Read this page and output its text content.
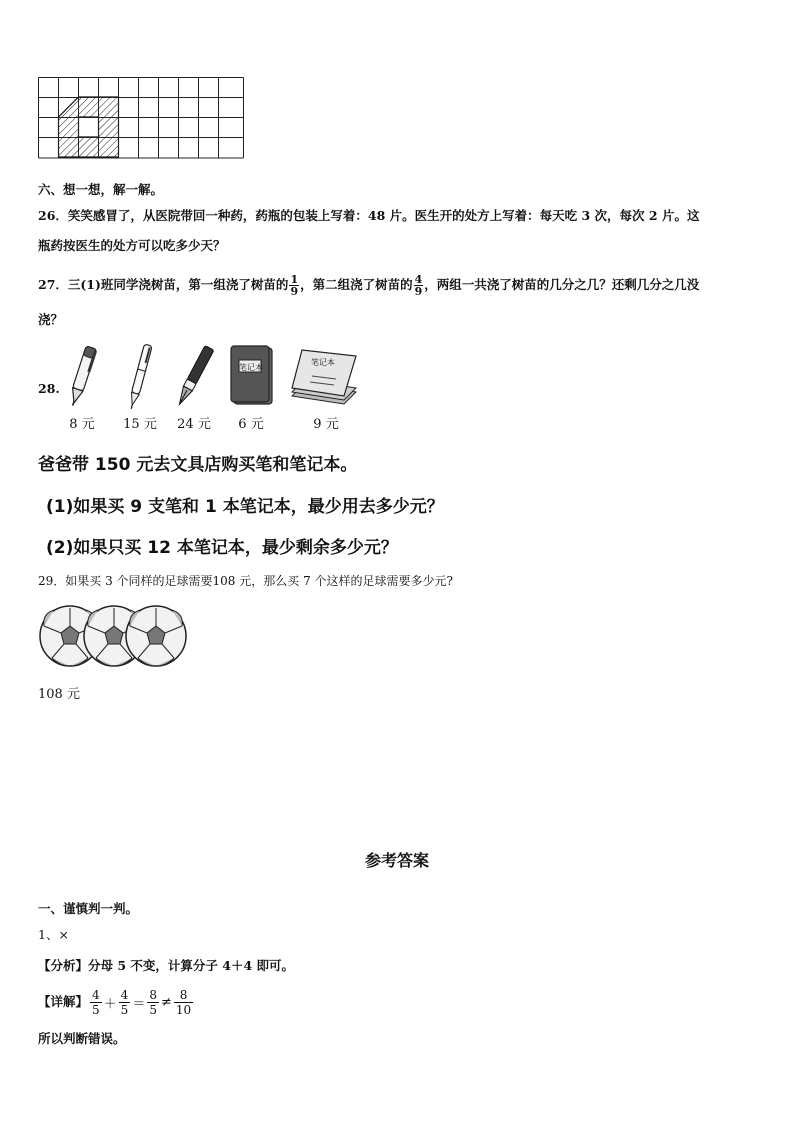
六、想一想，解一解。
26．笑笑感冒了，从医院带回一种药，药瓶的包装上写着：48 片。医生开的处方上写着：每天吃 3 次，每次 2 片。这
瓶药按医生的处方可以吃多少天？
27．三(1)班同学浇树苗，第一组浇了树苗的 $\frac{1}{9}$ ，第二组浇了树苗的 $\frac{4}{9}$ ，两组一共浇了树苗的几分之几？还剩几分之几没
浇？
28.
笔记本
笔记本
8 元	15 元	24 元	6 元	9 元
爸爸带 150 元去文具店购买笔和笔记本。
(1)如果买 9 支笔和 1 本笔记本，最少用去多少元？
(2)如果只买 12 本笔记本，最少剩余多少元？
29．如果买 3 个同样的足球需要108 元，那么买 7 个这样的足球需要多少元?
108 元
参考答案
一、谨慎判一判。
1、×
【分析】分母 5 不变，计算分子 4＋4 即可。
【详解】 $\frac{4}{5} + \frac{4}{5} = \frac{8}{5} \ne \frac{8}{10}$
所以判断错误。
